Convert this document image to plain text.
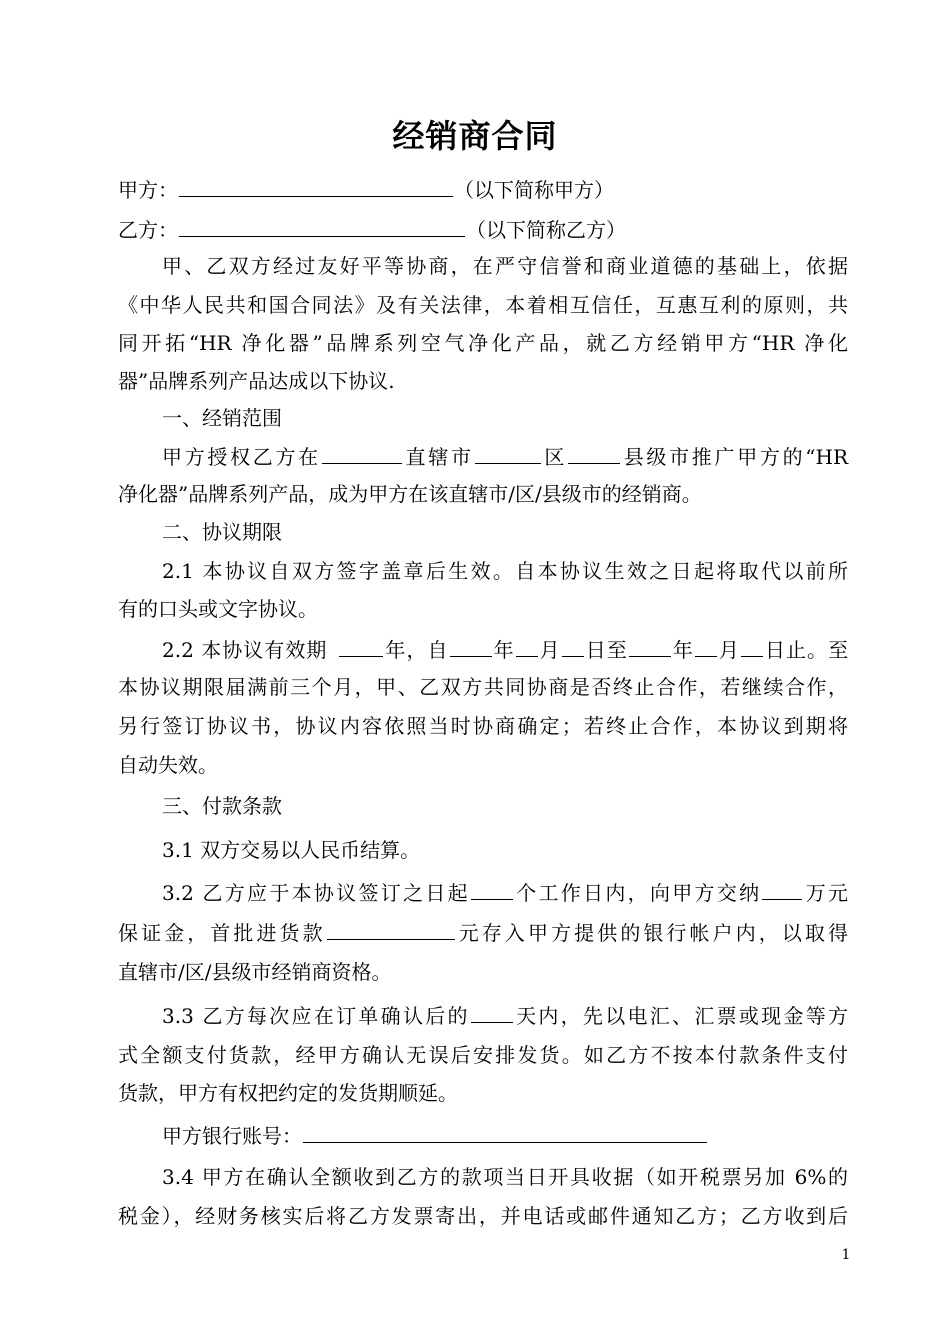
经销商合同
甲方：	（以下简称甲方）
乙方：	（以下简称乙方）
甲、乙双方经过友好平等协商，在严守信誉和商业道德的基础上，依据
《中华人民共和国合同法》及有关法律，本着相互信任，互惠互利的原则，共
同开拓“HR 净化器”品牌系列空气净化产品，就乙方经销甲方“HR 净化
器”品牌系列产品达成以下协议.
一、经销范围
甲方授权乙方在	直辖市	区	县级市推广甲方的“HR
净化器”品牌系列产品，成为甲方在该直辖市/区/县级市的经销商。
二、协议期限
2.1 本协议自双方签字盖章后生效。自本协议生效之日起将取代以前所
有的口头或文字协议。
2.2 本协议有效期	年，自 年 月 日至 年 月 日止。至
本协议期限届满前三个月，甲、乙双方共同协商是否终止合作，若继续合作，
另行签订协议书，协议内容依照当时协商确定；若终止合作，本协议到期将
自动失效。
三、付款条款
3.1 双方交易以人民币结算。
3.2 乙方应于本协议签订之日起 个工作日内，向甲方交纳 万元
保证金，首批进货款	元存入甲方提供的银行帐户内，以取得
直辖市/区/县级市经销商资格。
3.3 乙方每次应在订单确认后的 天内，先以电汇、汇票或现金等方
式全额支付货款，经甲方确认无误后安排发货。如乙方不按本付款条件支付
货款，甲方有权把约定的发货期顺延。
甲方银行账号：
3.4 甲方在确认全额收到乙方的款项当日开具收据（如开税票另加 6%的
税金），经财务核实后将乙方发票寄出，并电话或邮件通知乙方；乙方收到后
1
